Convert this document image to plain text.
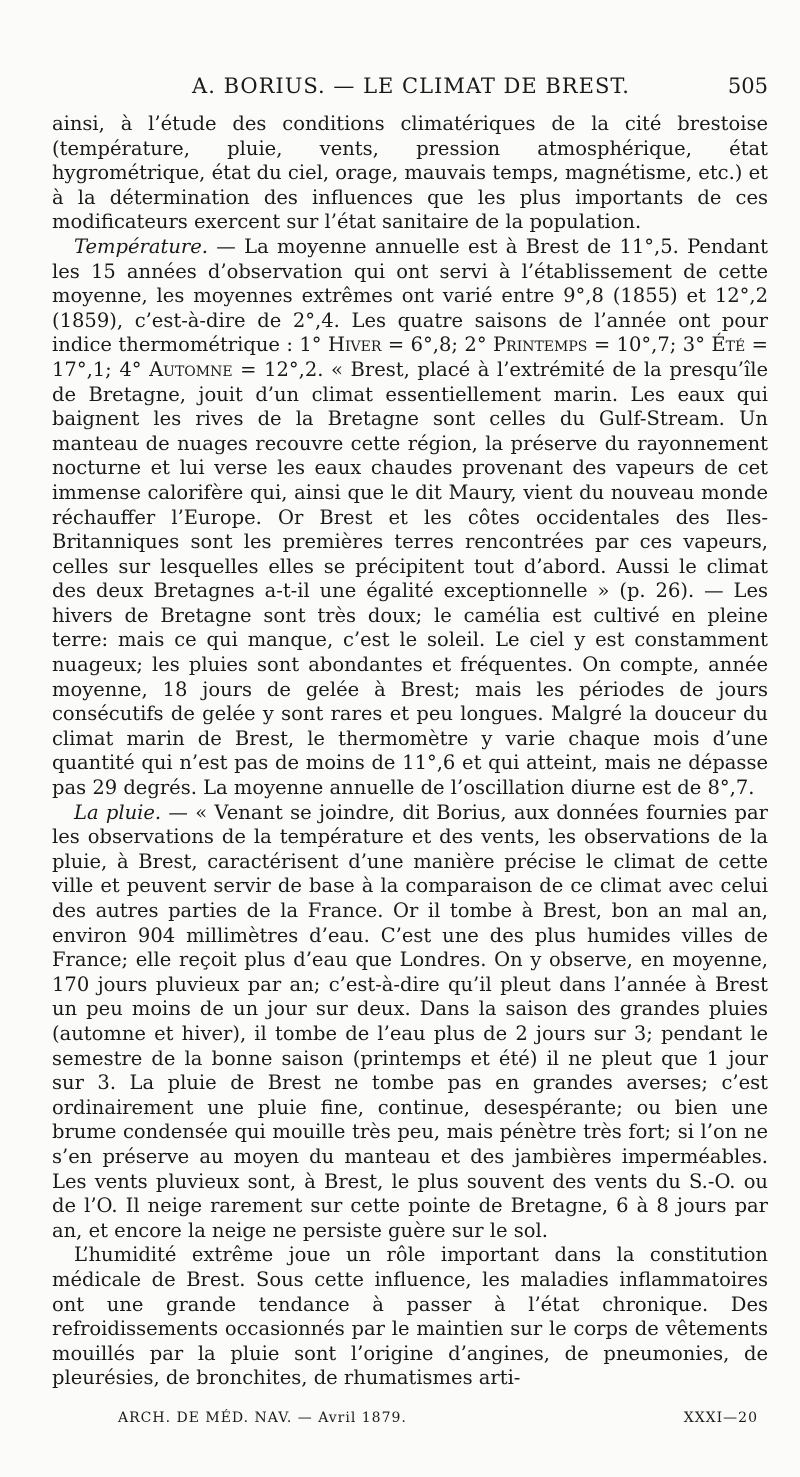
A. BORIUS. — LE CLIMAT DE BREST.	505

ainsi, à l’étude des conditions climatériques de la cité brestoise (température, pluie, vents, pression atmosphérique, état hygrométrique, état du ciel, orage, mauvais temps, magnétisme, etc.) et à la détermination des influences que les plus importants de ces modificateurs exercent sur l’état sanitaire de la population.

Température. — La moyenne annuelle est à Brest de 11°,5. Pendant les 15 années d’observation qui ont servi à l’établissement de cette moyenne, les moyennes extrêmes ont varié entre 9°,8 (1855) et 12°,2 (1859), c’est-à-dire de 2°,4. Les quatre saisons de l’année ont pour indice thermométrique : 1° Hiver = 6°,8; 2° Printemps = 10°,7; 3° Été = 17°,1; 4° Automne = 12°,2. « Brest, placé à l’extrémité de la presqu’île de Bretagne, jouit d’un climat essentiellement marin. Les eaux qui baignent les rives de la Bretagne sont celles du Gulf-Stream. Un manteau de nuages recouvre cette région, la préserve du rayonnement nocturne et lui verse les eaux chaudes provenant des vapeurs de cet immense calorifère qui, ainsi que le dit Maury, vient du nouveau monde réchauffer l’Europe. Or Brest et les côtes occidentales des Iles-Britanniques sont les premières terres rencontrées par ces vapeurs, celles sur lesquelles elles se précipitent tout d’abord. Aussi le climat des deux Bretagnes a-t-il une égalité exceptionnelle » (p. 26). — Les hivers de Bretagne sont très doux; le camélia est cultivé en pleine terre: mais ce qui manque, c’est le soleil. Le ciel y est constamment nuageux; les pluies sont abondantes et fréquentes. On compte, année moyenne, 18 jours de gelée à Brest; mais les périodes de jours consécutifs de gelée y sont rares et peu longues. Malgré la douceur du climat marin de Brest, le thermomètre y varie chaque mois d’une quantité qui n’est pas de moins de 11°,6 et qui atteint, mais ne dépasse pas 29 degrés. La moyenne annuelle de l’oscillation diurne est de 8°,7.

La pluie. — « Venant se joindre, dit Borius, aux données fournies par les observations de la température et des vents, les observations de la pluie, à Brest, caractérisent d’une manière précise le climat de cette ville et peuvent servir de base à la comparaison de ce climat avec celui des autres parties de la France. Or il tombe à Brest, bon an mal an, environ 904 millimètres d’eau. C’est une des plus humides villes de France; elle reçoit plus d’eau que Londres. On y observe, en moyenne, 170 jours pluvieux par an; c’est-à-dire qu’il pleut dans l’année à Brest un peu moins de un jour sur deux. Dans la saison des grandes pluies (automne et hiver), il tombe de l’eau plus de 2 jours sur 3; pendant le semestre de la bonne saison (printemps et été) il ne pleut que 1 jour sur 3. La pluie de Brest ne tombe pas en grandes averses; c’est ordinairement une pluie fine, continue, desespérante; ou bien une brume condensée qui mouille très peu, mais pénètre très fort; si l’on ne s’en préserve au moyen du manteau et des jambières imperméables. Les vents pluvieux sont, à Brest, le plus souvent des vents du S.-O. ou de l’O. Il neige rarement sur cette pointe de Bretagne, 6 à 8 jours par an, et encore la neige ne persiste guère sur le sol.

L’humidité extrême joue un rôle important dans la constitution médicale de Brest. Sous cette influence, les maladies inflammatoires ont une grande tendance à passer à l’état chronique. Des refroidissements occasionnés par le maintien sur le corps de vêtements mouillés par la pluie sont l’origine d’angines, de pneumonies, de pleurésies, de bronchites, de rhumatismes arti-

ARCH. DE MÉD. NAV. — Avril 1879.	XXXI—20
